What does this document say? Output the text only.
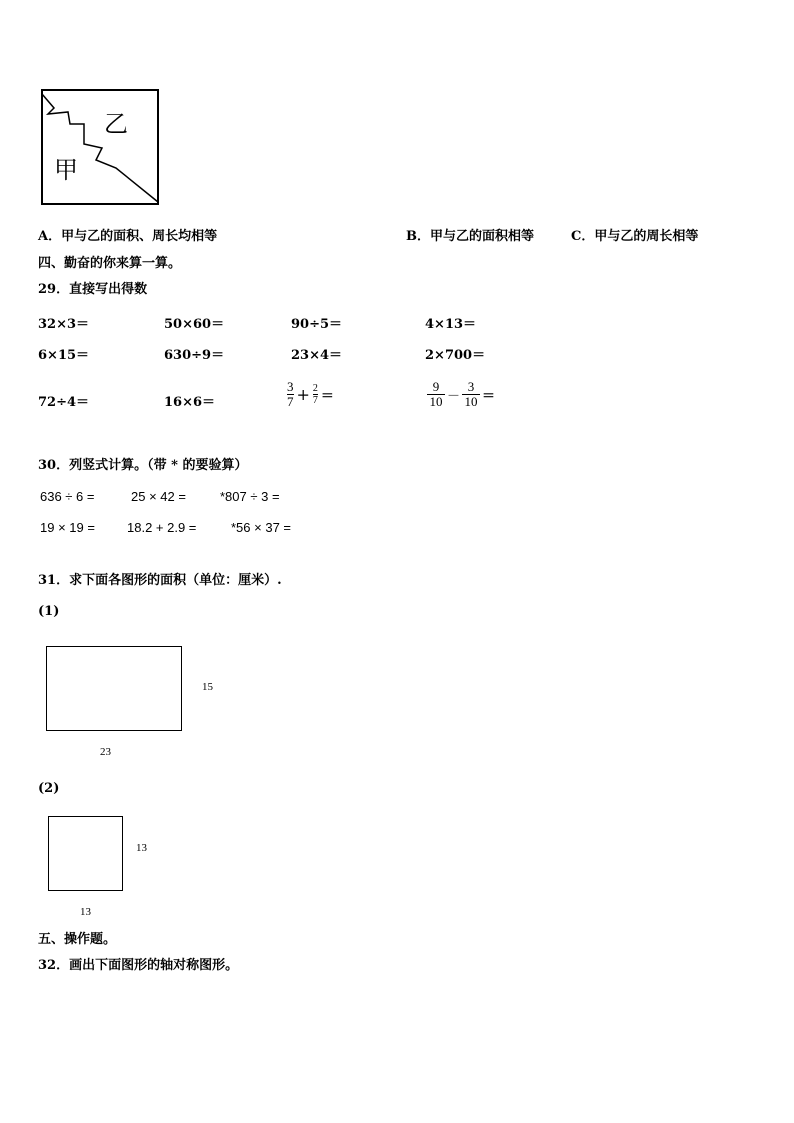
乙
甲
A．甲与乙的面积、周长均相等	B．甲与乙的面积相等	C．甲与乙的周长相等
四、勤奋的你来算一算。
29．直接写出得数
32×3＝	50×60＝	90÷5＝	4×13＝
6×15＝	630÷9＝	23×4＝	2×700＝
72÷4＝	16×6＝	$\frac{3}{7} + \frac{2}{7}$ ＝	$\frac{9}{10} - \frac{3}{10}$ ＝
30．列竖式计算。（带 * 的要验算）
636 ÷ 6 =	25 × 42 =	*807 ÷ 3 =
19 × 19 = 18.2 + 2.9 =	*56 × 37 =
31．求下面各图形的面积（单位：厘米）.
(1)
15
23
(2)
13
13
五、操作题。
32．画出下面图形的轴对称图形。
